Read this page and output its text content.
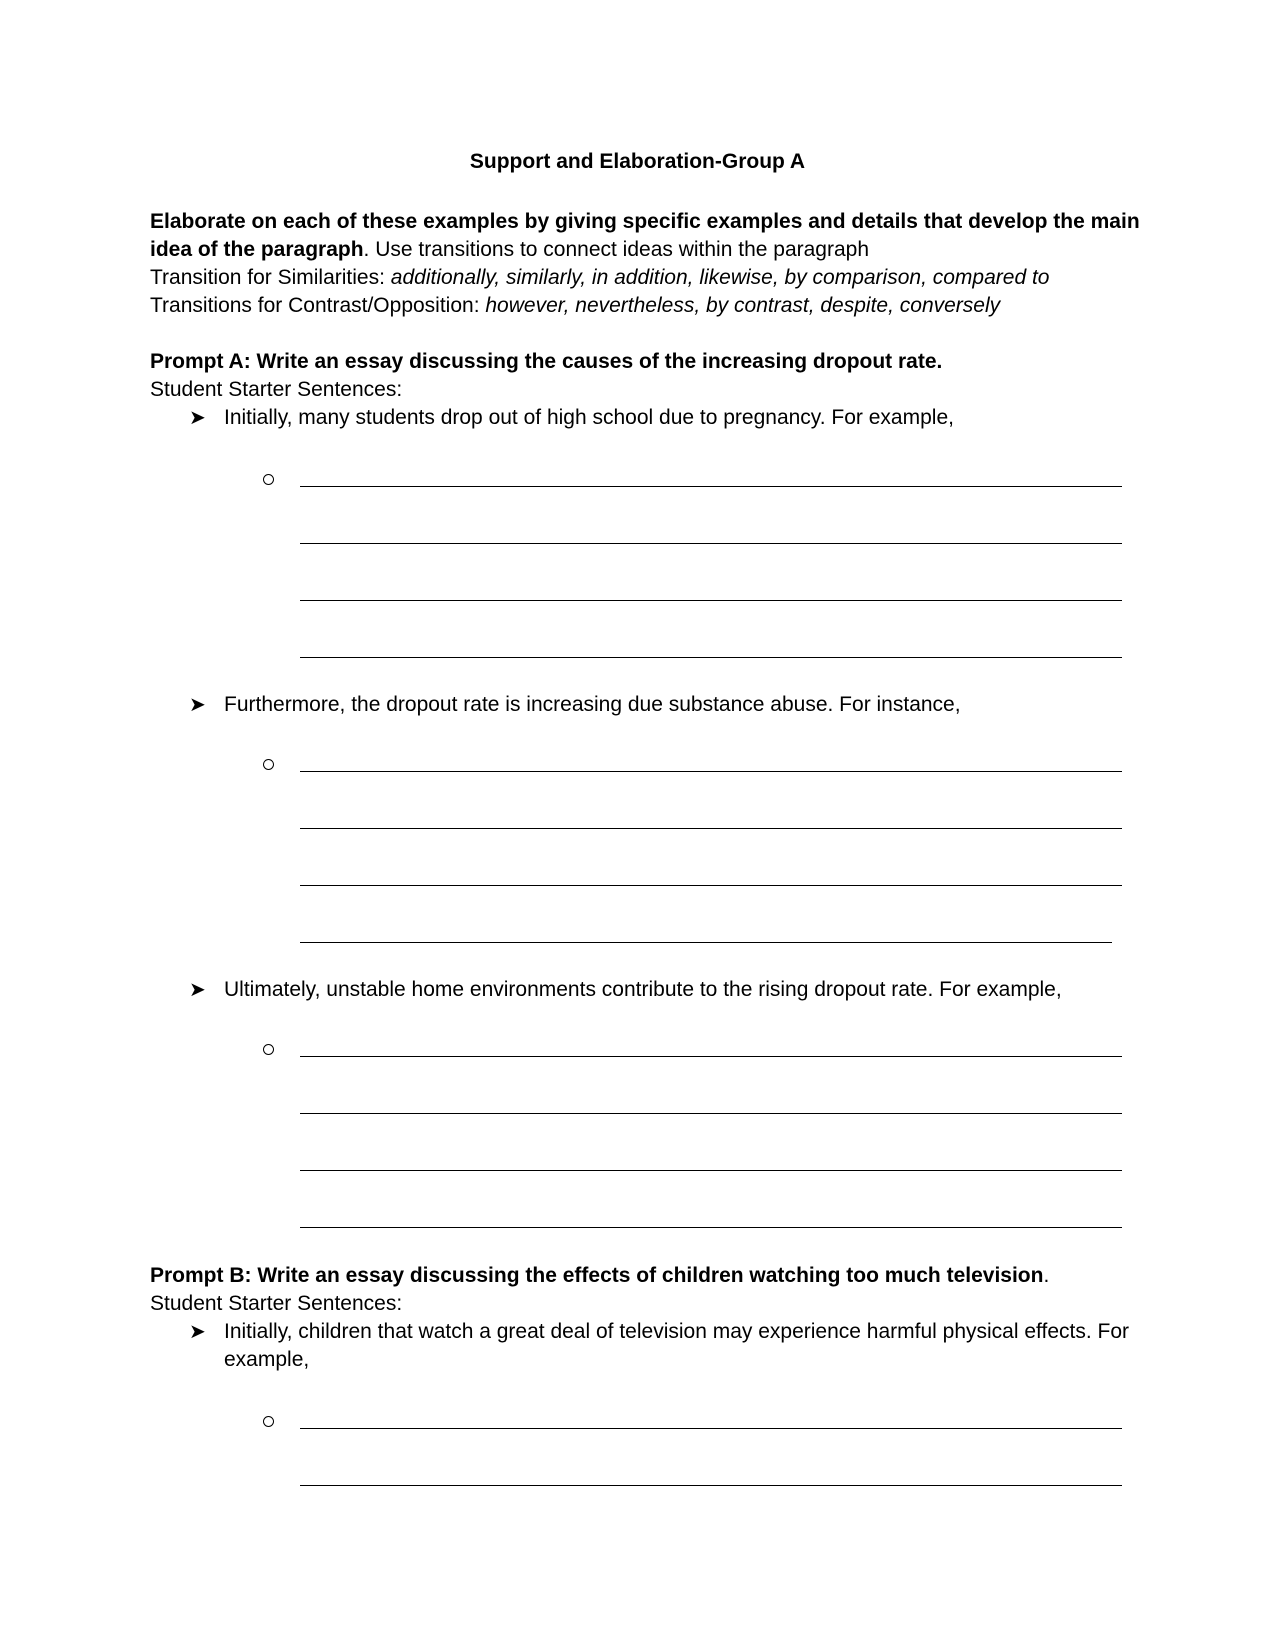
Support and Elaboration-Group A
Elaborate on each of these examples by giving specific examples and details that develop the main
idea of the paragraph. Use transitions to connect ideas within the paragraph
Transition for Similarities: additionally, similarly, in addition, likewise, by comparison, compared to
Transitions for Contrast/Opposition: however, nevertheless, by contrast, despite, conversely
Prompt A: Write an essay discussing the causes of the increasing dropout rate.
Student Starter Sentences:
➤ Initially, many students drop out of high school due to pregnancy. For example,
➤ Furthermore, the dropout rate is increasing due substance abuse. For instance,
➤ Ultimately, unstable home environments contribute to the rising dropout rate. For example,
Prompt B: Write an essay discussing the effects of children watching too much television.
Student Starter Sentences:
➤ Initially, children that watch a great deal of television may experience harmful physical effects. For
example,
